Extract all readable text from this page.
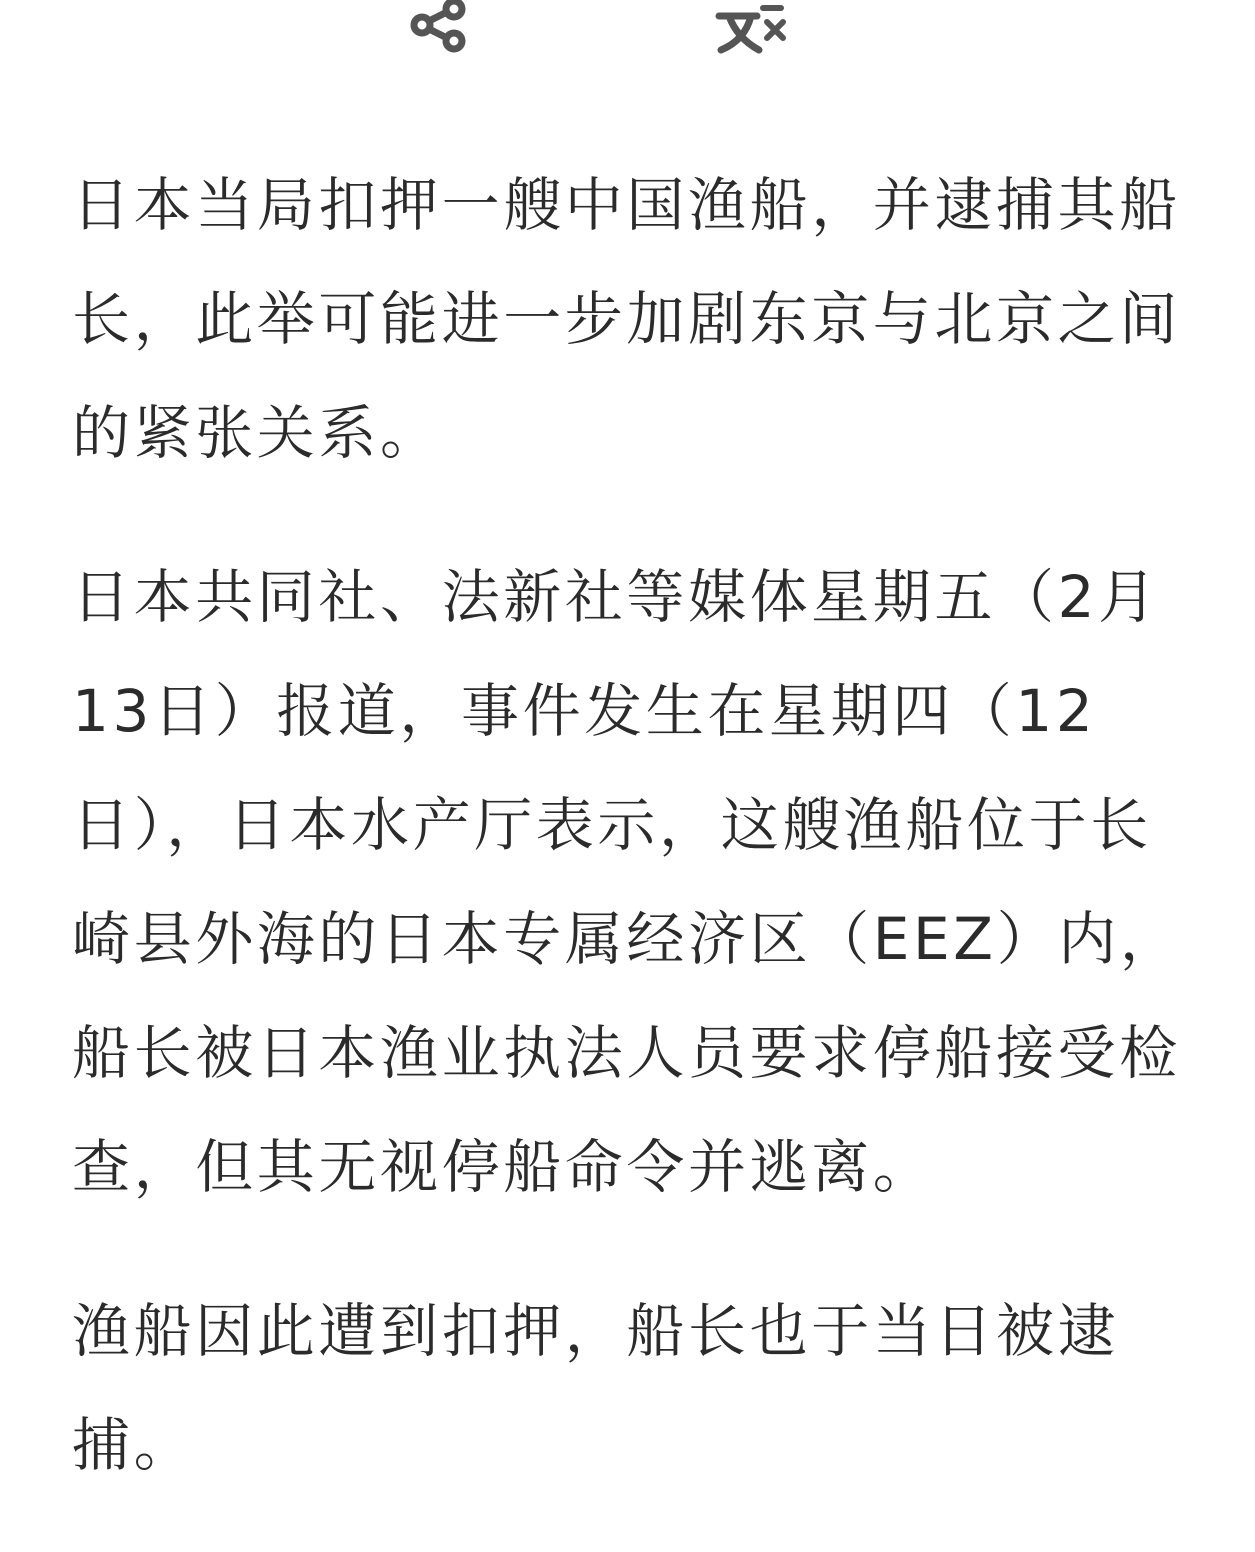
日本当局扣押一艘中国渔船，并逮捕其船长，此举可能进一步加剧东京与北京之间的紧张关系。

日本共同社、法新社等媒体星期五（2月13日）报道，事件发生在星期四（12日），日本水产厅表示，这艘渔船位于长崎县外海的日本专属经济区（EEZ）内，船长被日本渔业执法人员要求停船接受检查，但其无视停船命令并逃离。

渔船因此遭到扣押，船长也于当日被逮捕。
